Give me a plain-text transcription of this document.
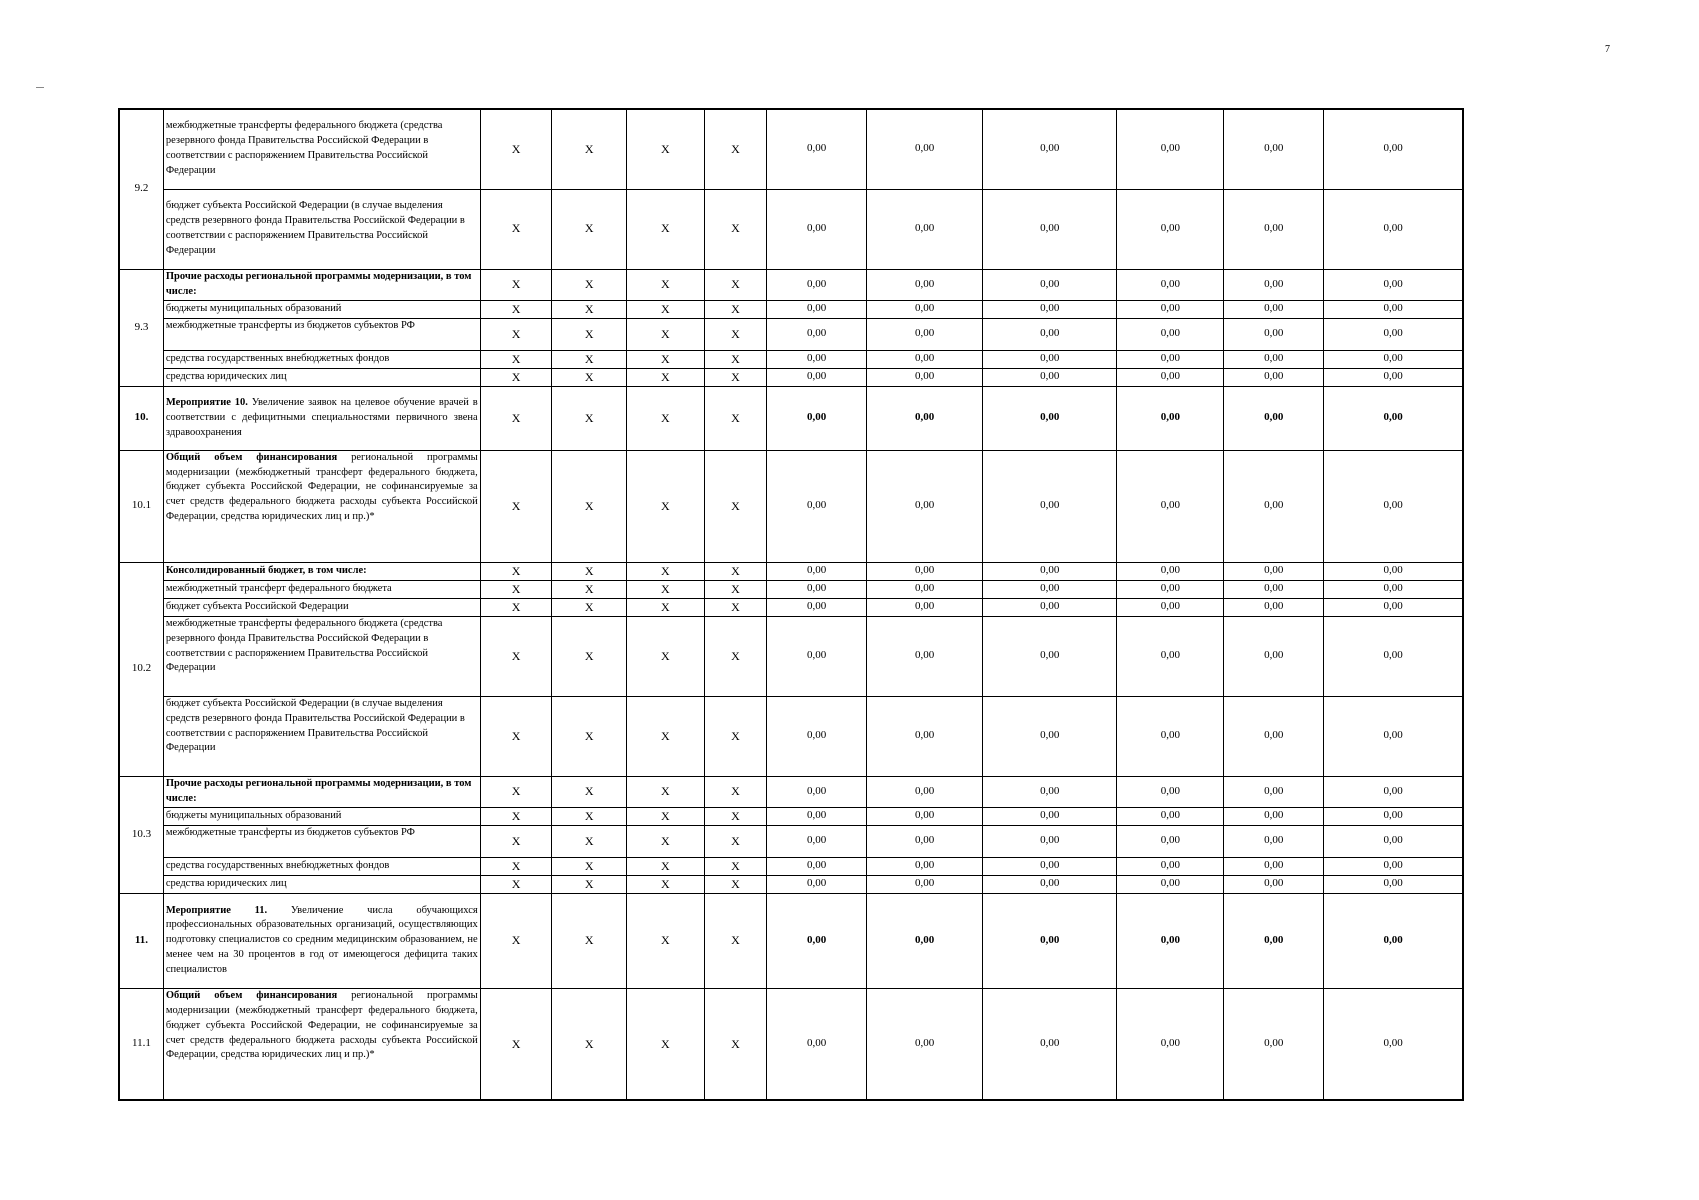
7
9.2	межбюджетные трансферты федерального бюджета (средства резервного фонда Правительства Российской Федерации в соответствии с распоряжением Правительства Российской Федерации	X	X	X	X	0,00	0,00	0,00	0,00	0,00	0,00
	бюджет субъекта Российской Федерации (в случае выделения средств резервного фонда Правительства Российской Федерации в соответствии с распоряжением Правительства Российской Федерации	X	X	X	X	0,00	0,00	0,00	0,00	0,00	0,00
9.3	Прочие расходы региональной программы модернизации, в том числе:	X	X	X	X	0,00	0,00	0,00	0,00	0,00	0,00
	бюджеты муниципальных образований	X	X	X	X	0,00	0,00	0,00	0,00	0,00	0,00
	межбюджетные трансферты из бюджетов субъектов РФ	X	X	X	X	0,00	0,00	0,00	0,00	0,00	0,00
	средства государственных внебюджетных фондов	X	X	X	X	0,00	0,00	0,00	0,00	0,00	0,00
	средства юридических лиц	X	X	X	X	0,00	0,00	0,00	0,00	0,00	0,00
10.	Мероприятие 10. Увеличение заявок на целевое обучение врачей в соответствии с дефицитными специальностями первичного звена здравоохранения	X	X	X	X	0,00	0,00	0,00	0,00	0,00	0,00
10.1	Общий объем финансирования региональной программы модернизации (межбюджетный трансферт федерального бюджета, бюджет субъекта Российской Федерации, не софинансируемые за счет средств федерального бюджета расходы субъекта Российской Федерации, средства юридических лиц и пр.)*	X	X	X	X	0,00	0,00	0,00	0,00	0,00	0,00
10.2	Консолидированный бюджет, в том числе:	X	X	X	X	0,00	0,00	0,00	0,00	0,00	0,00
	межбюджетный трансферт федерального бюджета	X	X	X	X	0,00	0,00	0,00	0,00	0,00	0,00
	бюджет субъекта Российской Федерации	X	X	X	X	0,00	0,00	0,00	0,00	0,00	0,00
	межбюджетные трансферты федерального бюджета (средства резервного фонда Правительства Российской Федерации в соответствии с распоряжением Правительства Российской Федерации	X	X	X	X	0,00	0,00	0,00	0,00	0,00	0,00
	бюджет субъекта Российской Федерации (в случае выделения средств резервного фонда Правительства Российской Федерации в соответствии с распоряжением Правительства Российской Федерации	X	X	X	X	0,00	0,00	0,00	0,00	0,00	0,00
10.3	Прочие расходы региональной программы модернизации, в том числе:	X	X	X	X	0,00	0,00	0,00	0,00	0,00	0,00
	бюджеты муниципальных образований	X	X	X	X	0,00	0,00	0,00	0,00	0,00	0,00
	межбюджетные трансферты из бюджетов субъектов РФ	X	X	X	X	0,00	0,00	0,00	0,00	0,00	0,00
	средства государственных внебюджетных фондов	X	X	X	X	0,00	0,00	0,00	0,00	0,00	0,00
	средства юридических лиц	X	X	X	X	0,00	0,00	0,00	0,00	0,00	0,00
11.	Мероприятие 11. Увеличение числа обучающихся профессиональных образовательных организаций, осуществляющих подготовку специалистов со средним медицинским образованием, не менее чем на 30 процентов в год от имеющегося дефицита таких специалистов	X	X	X	X	0,00	0,00	0,00	0,00	0,00	0,00
11.1	Общий объем финансирования региональной программы модернизации (межбюджетный трансферт федерального бюджета, бюджет субъекта Российской Федерации, не софинансируемые за счет средств федерального бюджета расходы субъекта Российской Федерации, средства юридических лиц и пр.)*	X	X	X	X	0,00	0,00	0,00	0,00	0,00	0,00
